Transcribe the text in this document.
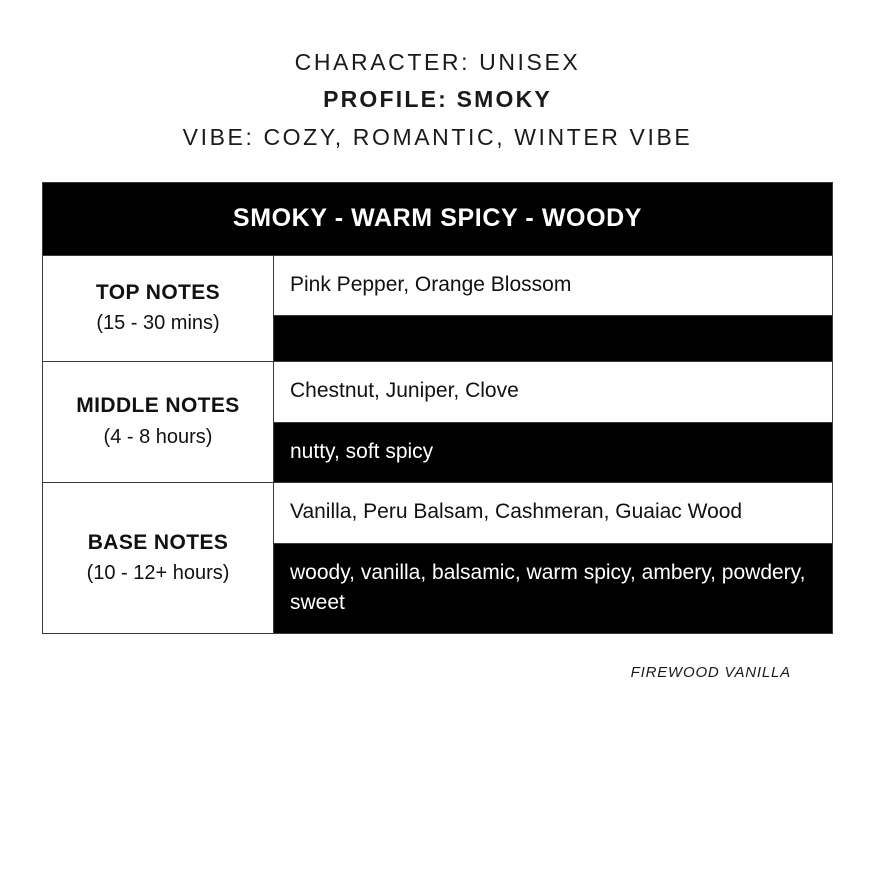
CHARACTER: UNISEX
PROFILE: SMOKY
VIBE: COZY, ROMANTIC, WINTER VIBE
SMOKY - WARM SPICY - WOODY
TOP NOTES
(15 - 30 mins)
Pink Pepper, Orange Blossom
MIDDLE NOTES
(4 - 8 hours)
Chestnut, Juniper, Clove
nutty, soft spicy
BASE NOTES
(10 - 12+ hours)
Vanilla, Peru Balsam, Cashmeran, Guaiac Wood
woody, vanilla, balsamic, warm spicy, ambery, powdery, sweet
FIREWOOD VANILLA
